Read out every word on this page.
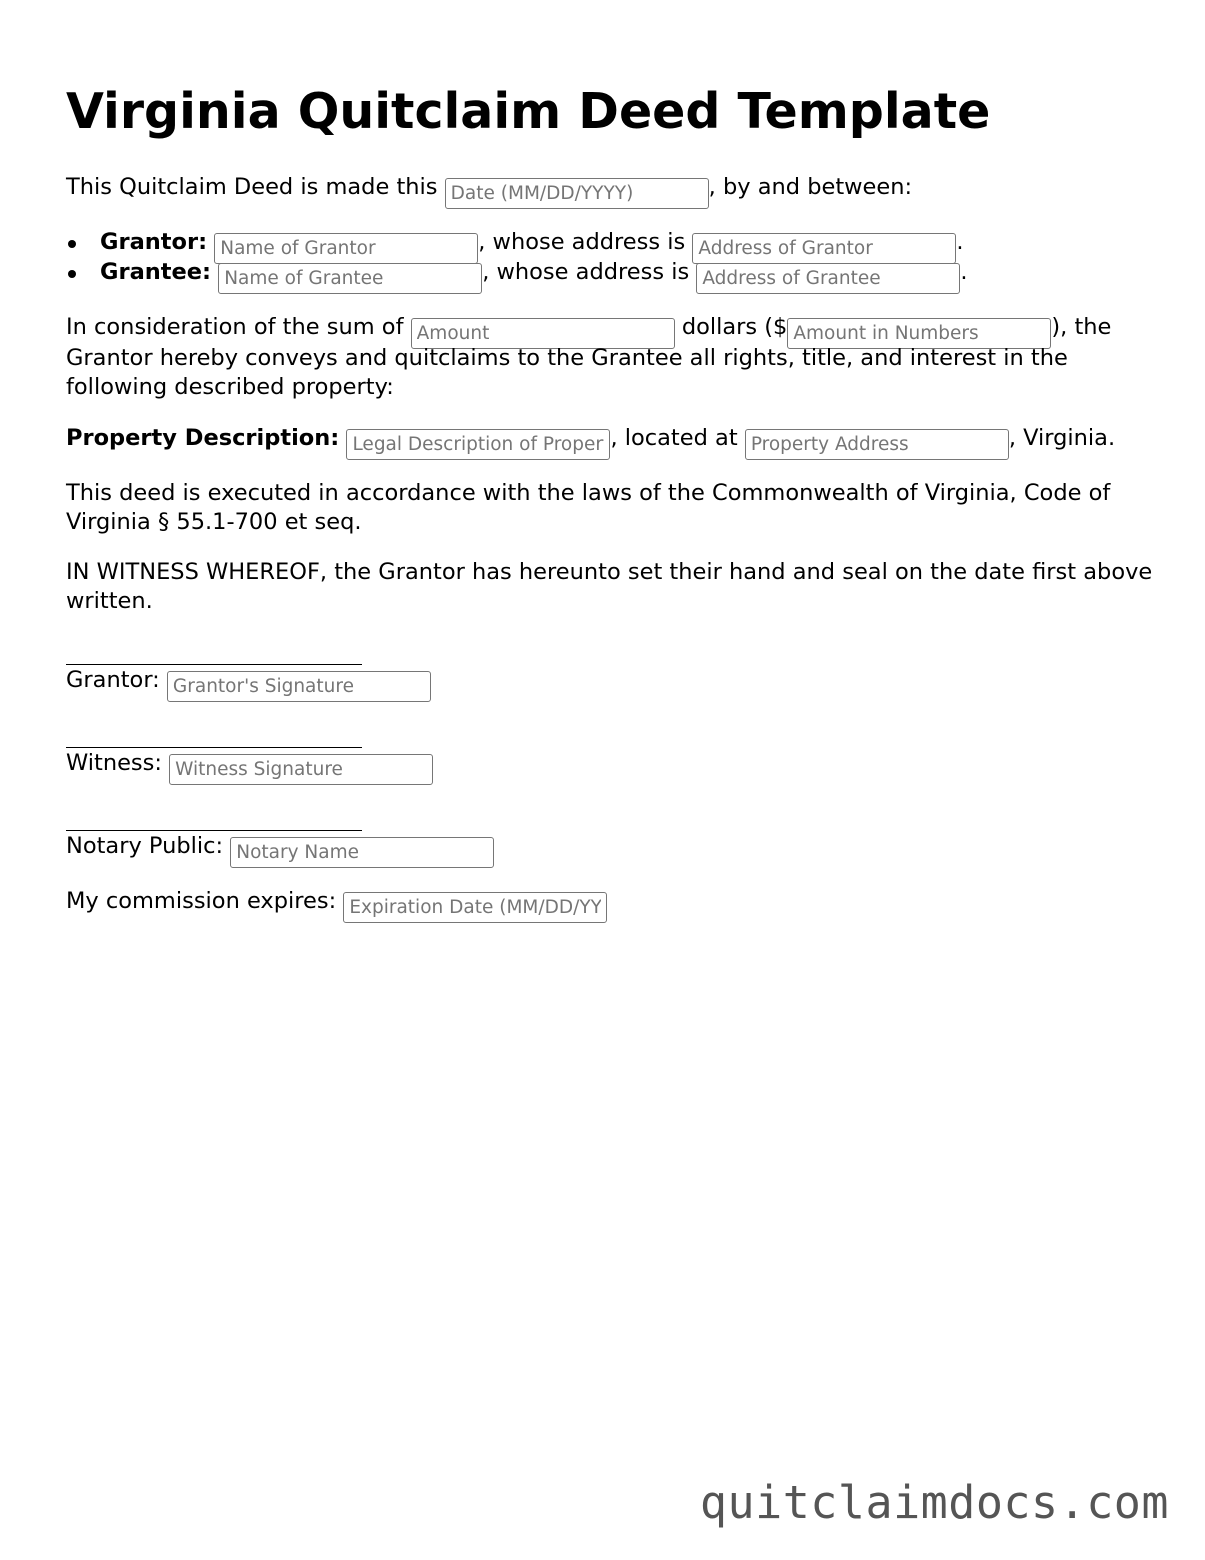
Virginia Quitclaim Deed Template
This Quitclaim Deed is made this Date (MM/DD/YYYY)	, by and between:
Grantor: Name of Grantor	, whose address is Address of Grantor	.
Grantee: Name of Grantee	, whose address is Address of Grantee	.
In consideration of the sum of Amount	dollars ($Amount in Numbers	), the
Grantor hereby conveys and quitclaims to the Grantee all rights, title, and interest in the following described property:
Property Description: Legal Description of Property	, located at Property Address	, Virginia.
This deed is executed in accordance with the laws of the Commonwealth of Virginia, Code of Virginia § 55.1-700 et seq.
IN WITNESS WHEREOF, the Grantor has hereunto set their hand and seal on the date first above written.
Grantor: Grantor's Signature
Witness: Witness Signature
Notary Public: Notary Name
My commission expires: Expiration Date (MM/DD/YYYY)
quitclaimdocs.com
